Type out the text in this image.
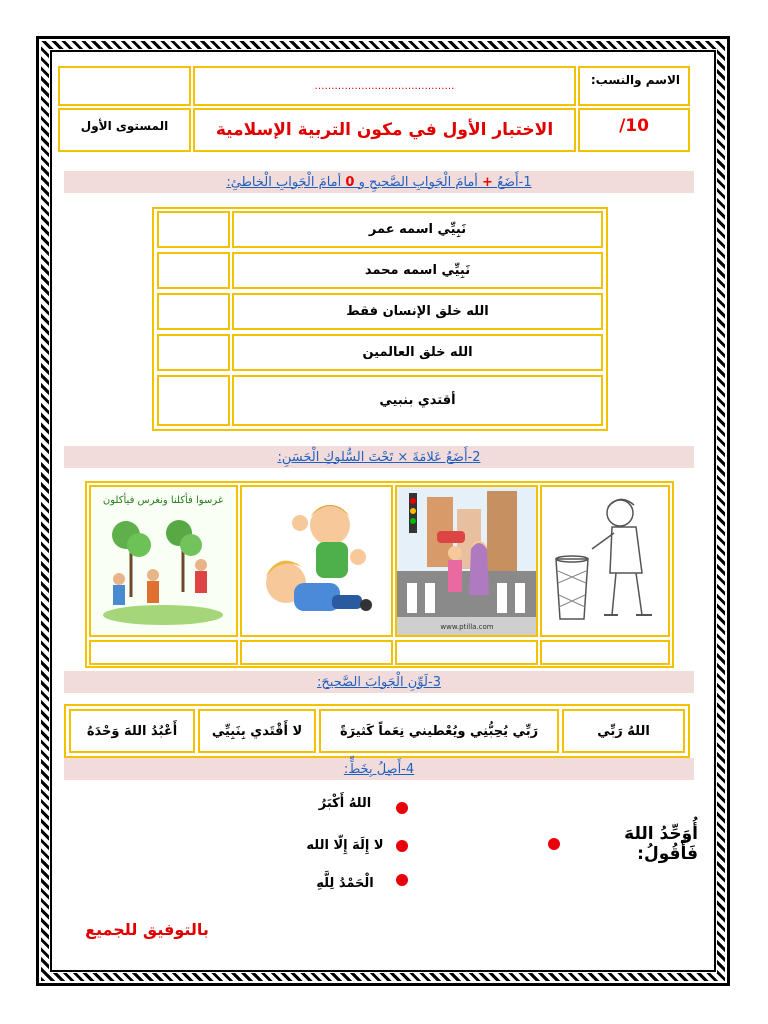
……………………………………	الاسم والنسب:
المستوى الأول	الاختبار الأول في مكون التربية الإسلامية	/10
1-أَضَعُ

+

أمامَ الْجَوابِ الصَّحيحِ و

0

أمامَ الْجَوابِ الْخاطئِ:
نَبِيِّي اسمه عمر
نَبِيِّي اسمه محمد
الله خلق الإنسان فقط
الله خلق العالمين
أقتدي بنبيي
2-أَضَعُ عَلامَةَ × تَحْتَ السُّلوكِ الْحَسَنِ:
غرسوا فأكلنا ونغرس فيأكلون
www.ptilla.com
3-لَوِّنِ الْجَوابَ الصَّحيحَ:
اللهُ رَبِّي
رَبِّي يُحِبُّنِي ويُعْطيني نِعَماً كَثيرَةً
لا أَقْتَدي بِنَبِيِّي
أَعْبُدُ اللهَ وَحْدَهُ
4-أَصِلُ بِخَطٍّ:
أُوَحِّدُ اللهَ فَأَقُولُ:
اللهُ أَكْبَرُ
لا إِلَهَ إِلّا الله
الْحَمْدُ لِلَّهِ
بالتوفيق للجميع
